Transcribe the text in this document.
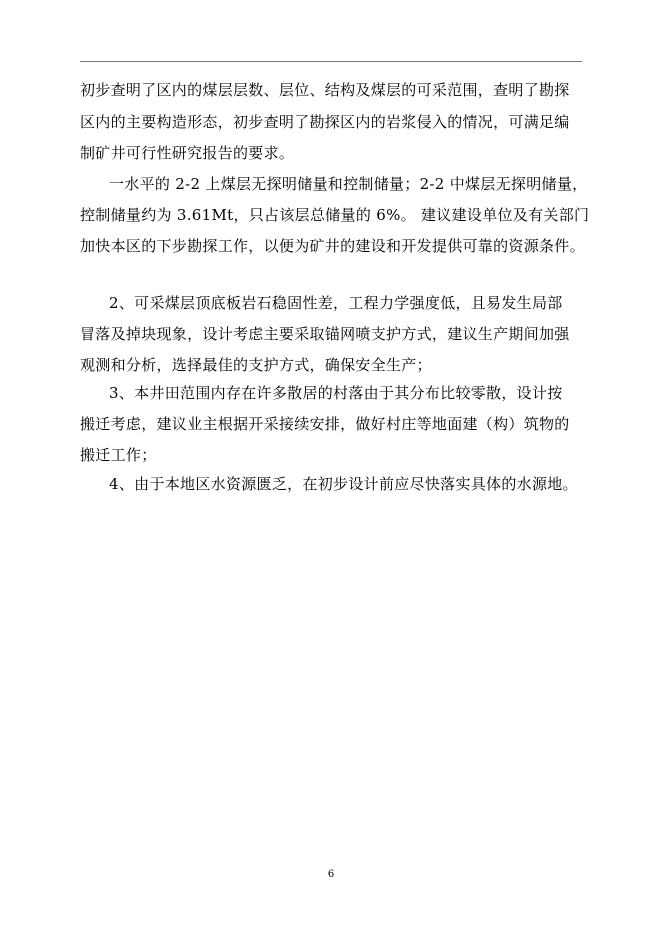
初步查明了区内的煤层层数、层位、结构及煤层的可采范围，查明了勘探
区内的主要构造形态，初步查明了勘探区内的岩浆侵入的情况，可满足编
制矿井可行性研究报告的要求。
一水平的 2-2 上煤层无探明储量和控制储量；2-2 中煤层无探明储量，
控制储量约为 3.61Mt，只占该层总储量的 6%。 建议建设单位及有关部门
加快本区的下步勘探工作，以便为矿井的建设和开发提供可靠的资源条件。
2、可采煤层顶底板岩石稳固性差，工程力学强度低，且易发生局部
冒落及掉块现象，设计考虑主要采取锚网喷支护方式，建议生产期间加强
观测和分析，选择最佳的支护方式，确保安全生产；
3、本井田范围内存在许多散居的村落由于其分布比较零散，设计按
搬迁考虑，建议业主根据开采接续安排，做好村庄等地面建（构）筑物的
搬迁工作；
4、由于本地区水资源匮乏，在初步设计前应尽快落实具体的水源地。
6
